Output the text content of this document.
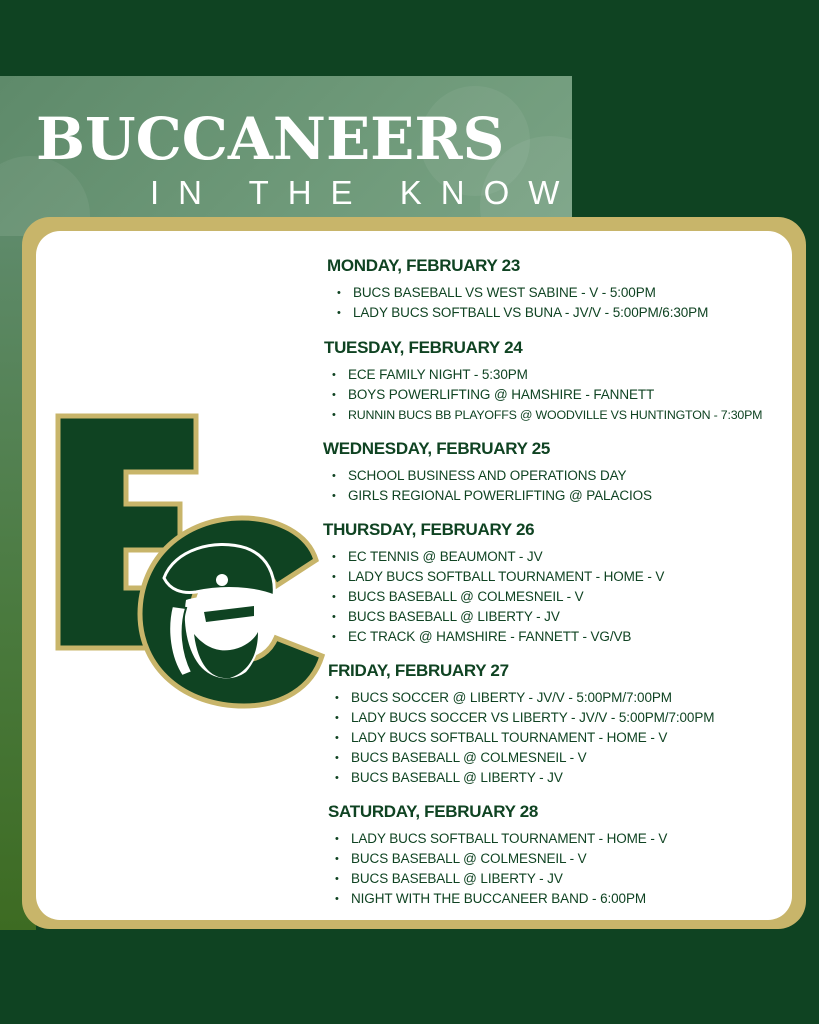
BUCCANEERS
IN THE KNOW
MONDAY, FEBRUARY 23
• BUCS BASEBALL VS WEST SABINE - V - 5:00PM
• LADY BUCS SOFTBALL VS BUNA - JV/V - 5:00PM/6:30PM
TUESDAY, FEBRUARY 24
• ECE FAMILY NIGHT - 5:30PM
• BOYS POWERLIFTING @ HAMSHIRE - FANNETT
• RUNNIN BUCS BB PLAYOFFS @ WOODVILLE VS HUNTINGTON - 7:30PM
WEDNESDAY, FEBRUARY 25
• SCHOOL BUSINESS AND OPERATIONS DAY
• GIRLS REGIONAL POWERLIFTING @ PALACIOS
THURSDAY, FEBRUARY 26
• EC TENNIS @ BEAUMONT - JV
• LADY BUCS SOFTBALL TOURNAMENT - HOME - V
• BUCS BASEBALL @ COLMESNEIL - V
• BUCS BASEBALL @ LIBERTY - JV
• EC TRACK @ HAMSHIRE - FANNETT - VG/VB
FRIDAY, FEBRUARY 27
• BUCS SOCCER @ LIBERTY - JV/V - 5:00PM/7:00PM
• LADY BUCS SOCCER VS LIBERTY - JV/V - 5:00PM/7:00PM
• LADY BUCS SOFTBALL TOURNAMENT - HOME - V
• BUCS BASEBALL @ COLMESNEIL - V
• BUCS BASEBALL @ LIBERTY - JV
SATURDAY, FEBRUARY 28
• LADY BUCS SOFTBALL TOURNAMENT - HOME - V
• BUCS BASEBALL @ COLMESNEIL - V
• BUCS BASEBALL @ LIBERTY - JV
• NIGHT WITH THE BUCCANEER BAND - 6:00PM
